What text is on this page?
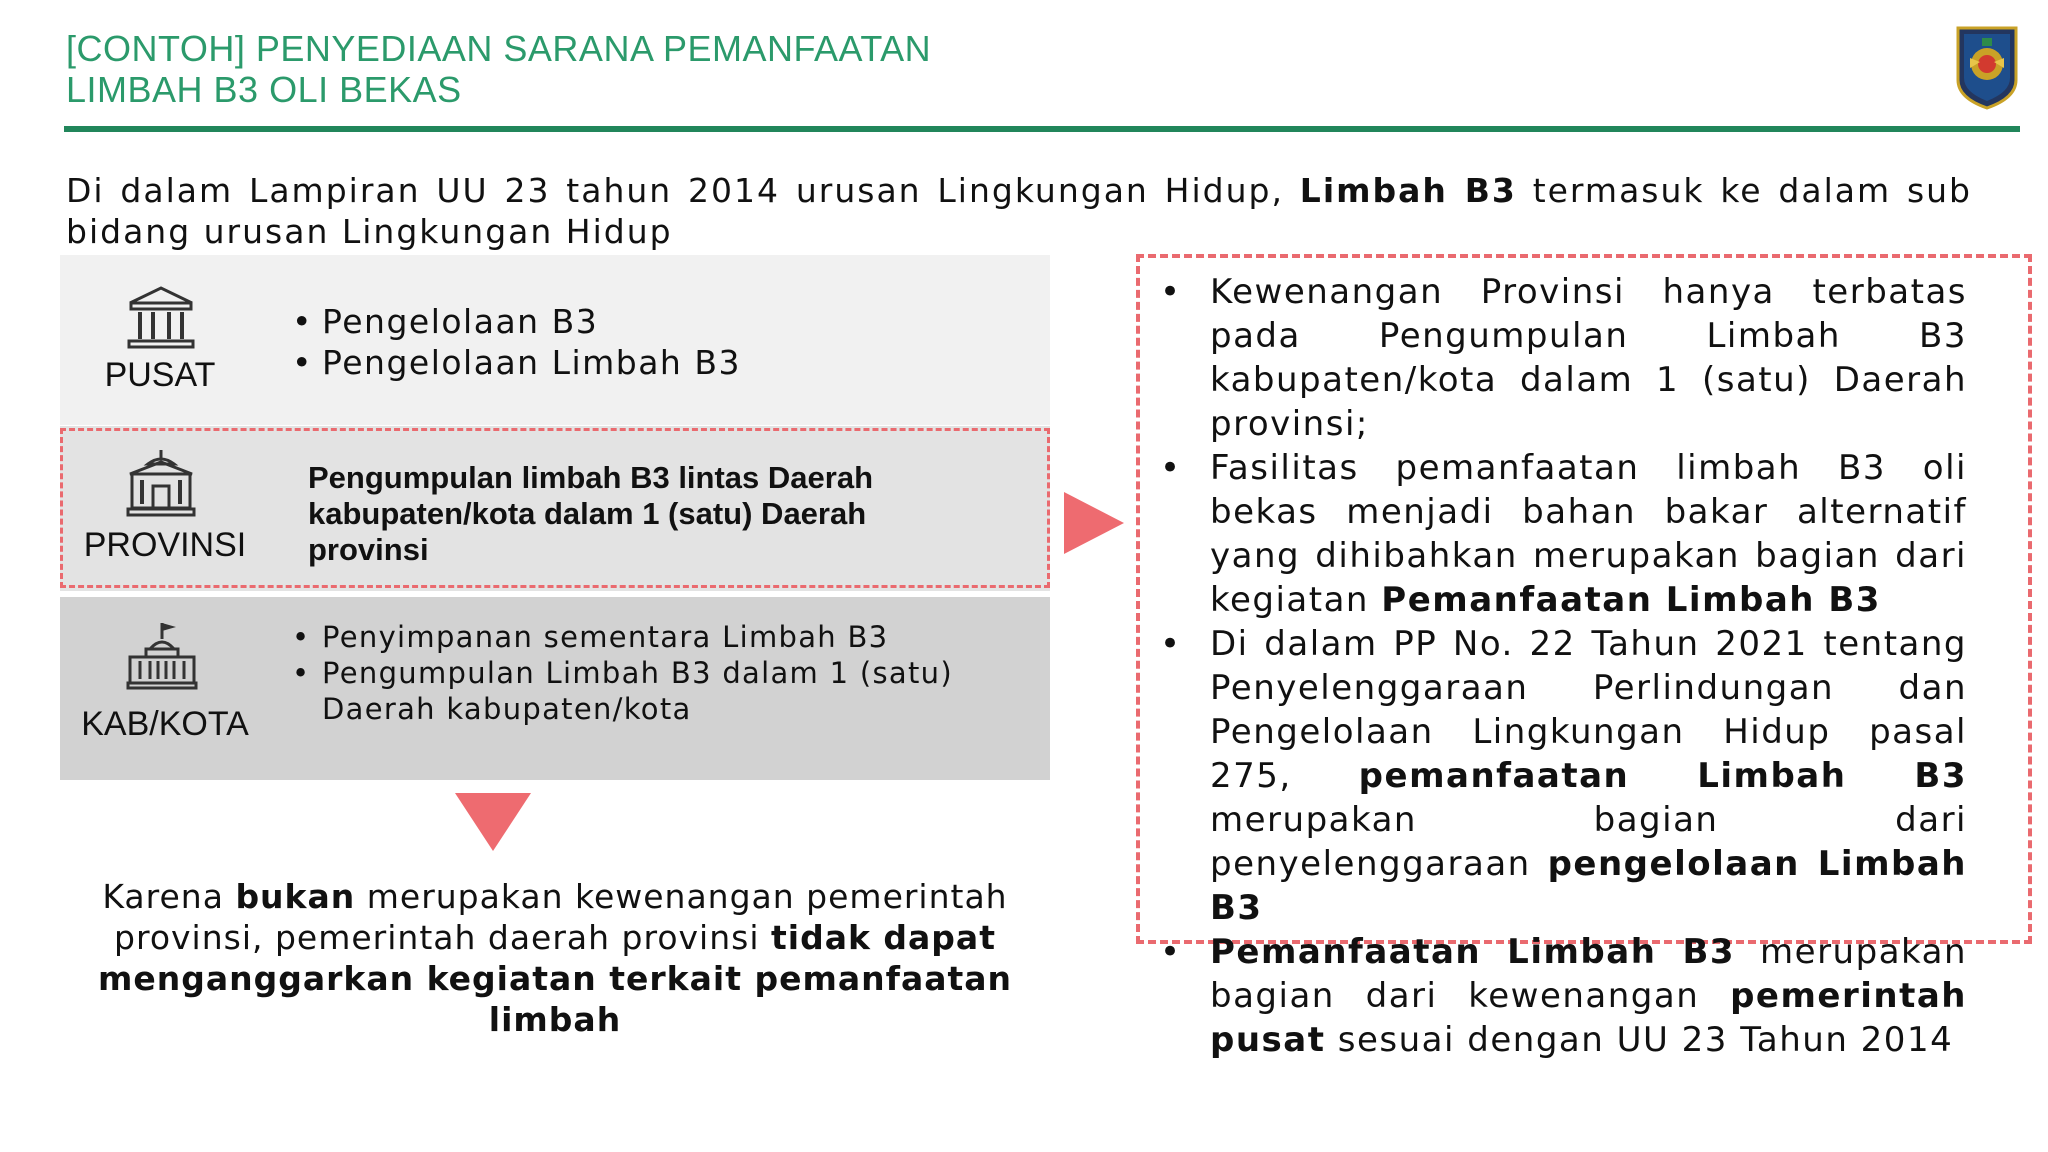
[CONTOH] PENYEDIAAN SARANA PEMANFAATAN
LIMBAH B3 OLI BEKAS
Di dalam Lampiran UU 23 tahun 2014 urusan Lingkungan Hidup, Limbah B3 termasuk ke dalam sub bidang urusan Lingkungan Hidup
PUSAT
• Pengelolaan B3
• Pengelolaan Limbah B3
PROVINSI
Pengumpulan limbah B3 lintas Daerah kabupaten/kota dalam 1 (satu) Daerah provinsi
KAB/KOTA
• Penyimpanan sementara Limbah B3
• Pengumpulan Limbah B3 dalam 1 (satu) Daerah kabupaten/kota
Karena bukan merupakan kewenangan pemerintah provinsi, pemerintah daerah provinsi tidak dapat menganggarkan kegiatan terkait pemanfaatan limbah
• Kewenangan Provinsi hanya terbatas pada Pengumpulan Limbah B3 kabupaten/kota dalam 1 (satu) Daerah provinsi;
• Fasilitas pemanfaatan limbah B3 oli bekas menjadi bahan bakar alternatif yang dihibahkan merupakan bagian dari kegiatan Pemanfaatan Limbah B3
• Di dalam PP No. 22 Tahun 2021 tentang Penyelenggaraan Perlindungan dan Pengelolaan Lingkungan Hidup pasal 275, pemanfaatan Limbah B3 merupakan bagian dari penyelenggaraan pengelolaan Limbah B3
• Pemanfaatan Limbah B3 merupakan bagian dari kewenangan pemerintah pusat sesuai dengan UU 23 Tahun 2014
